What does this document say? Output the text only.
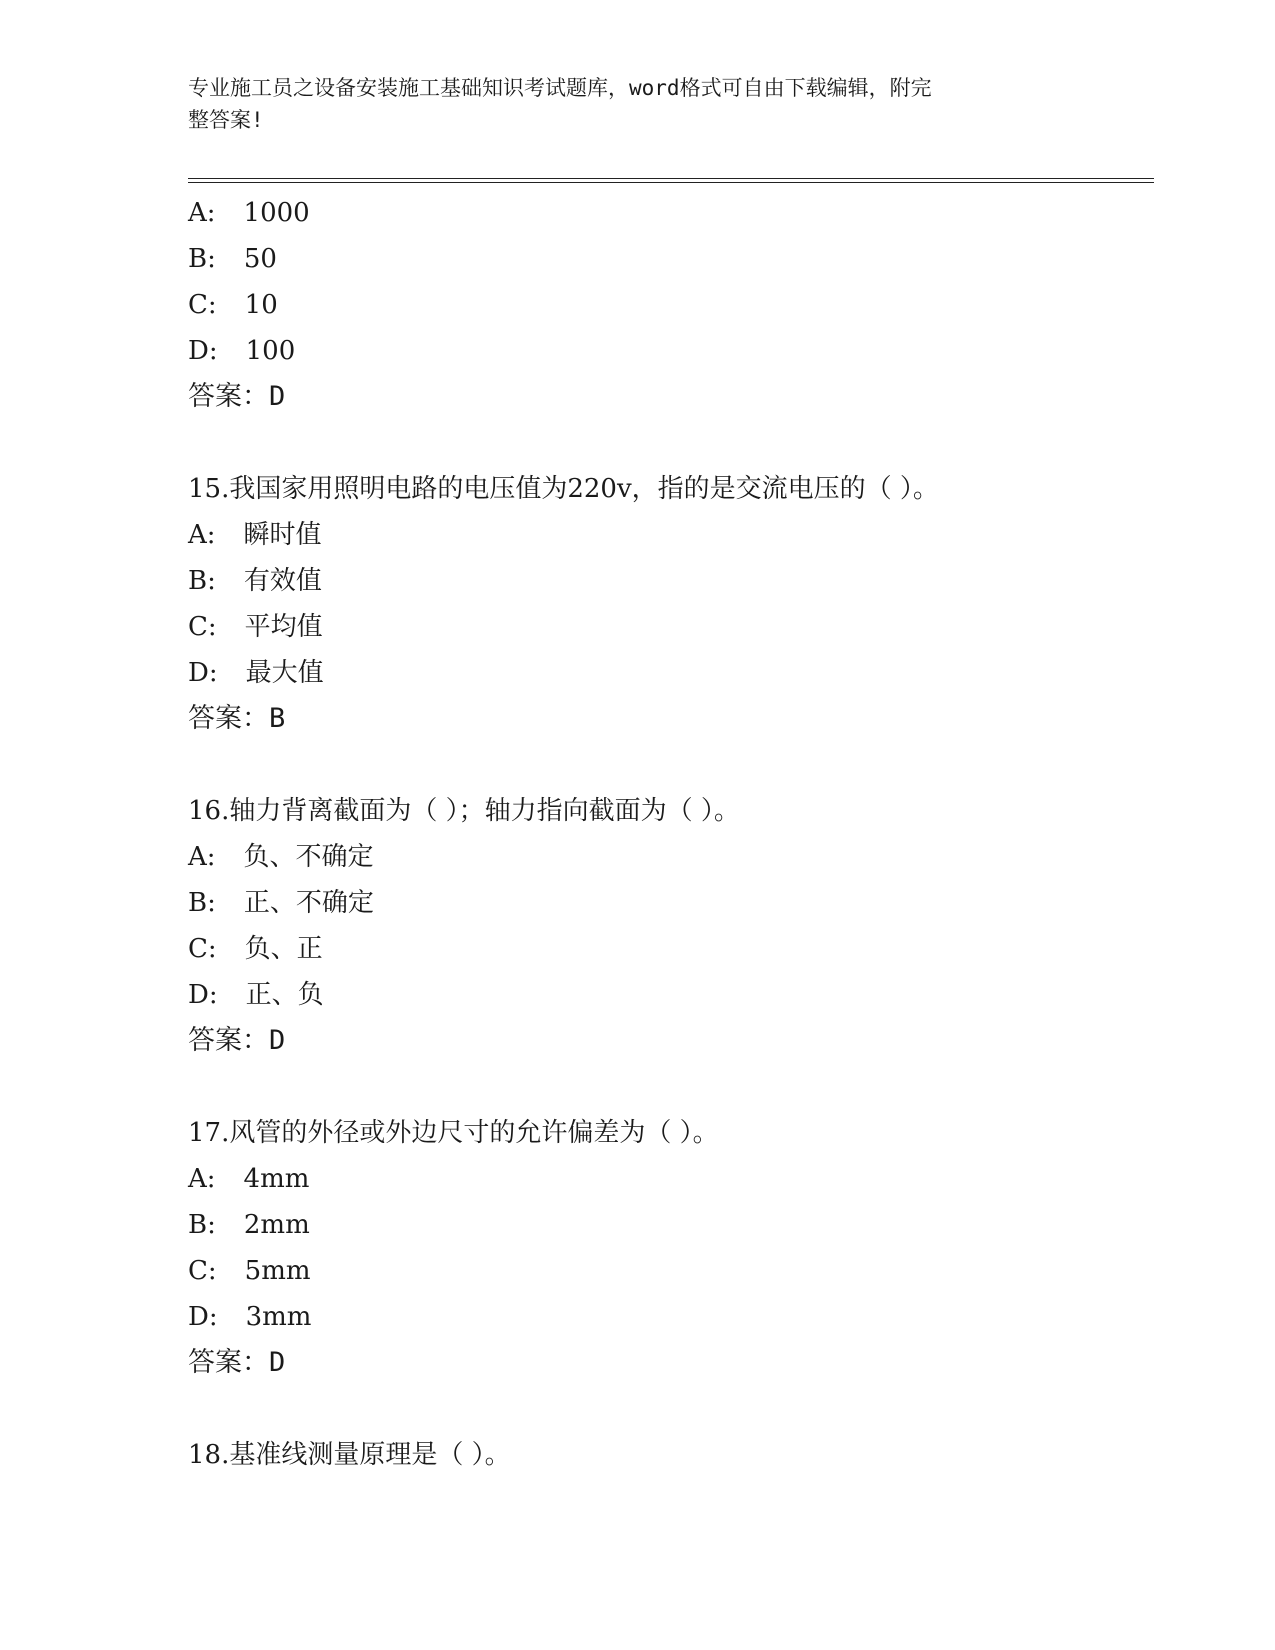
专业施工员之设备安装施工基础知识考试题库，word格式可自由下载编辑，附完
整答案!
A: 1000
B: 50
C: 10
D: 100
答案：D
15.我国家用照明电路的电压值为220v，指的是交流电压的（ ）。
A: 瞬时值
B: 有效值
C: 平均值
D: 最大值
答案：B
16.轴力背离截面为（ ）；轴力指向截面为（ ）。
A: 负、不确定
B: 正、不确定
C: 负、正
D: 正、负
答案：D
17.风管的外径或外边尺寸的允许偏差为（ ）。
A: 4mm
B: 2mm
C: 5mm
D: 3mm
答案：D
18.基准线测量原理是（ ）。
